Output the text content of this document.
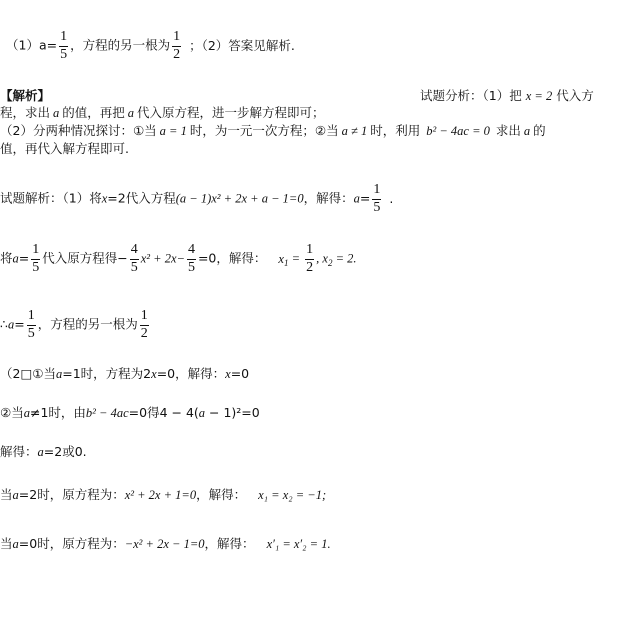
$(1)a= \frac{1}{5}$ ，方程的另一根为 $\frac{1}{2}$ ；（2）答案见解析.
【解析】	试题分析：（1）把 x = 2 代入方
程，求出 a 的值，再把 a 代入原方程，进一步解方程即可；
（2）分两种情况探讨：①当 a = 1 时，为一元一次方程；②当 a ≠ 1 时，利用 b² − 4ac = 0 求出 a 的
值，再代入解方程即可.
试题解析：（1）将x=2代入方程(a − 1)x² + 2x + a − 1=0，解得：$a= \frac{1}{5}$ .
将$a= \frac{1}{5}$ 代入原方程得− $\frac{4}{5} x^2 + 2x- \frac{4}{5} =0$，解得： $x_1 = \frac{1}{2}$ , $x_2 = 2$.
∴a= $\frac{1}{5}$ ，方程的另一根为 $\frac{1}{2}$
（2□①当a=1时，方程为2x=0，解得：x=0
②当a≠1时，由b² − 4ac=0得4 − 4(a − 1)²=0
解得：a=2或0.
当a=2时，原方程为：x² + 2x + 1=0，解得： x₁ = x₂ = −1;
当a=0时，原方程为：−x² + 2x − 1=0，解得： x′₁ = x′₂ = 1.
